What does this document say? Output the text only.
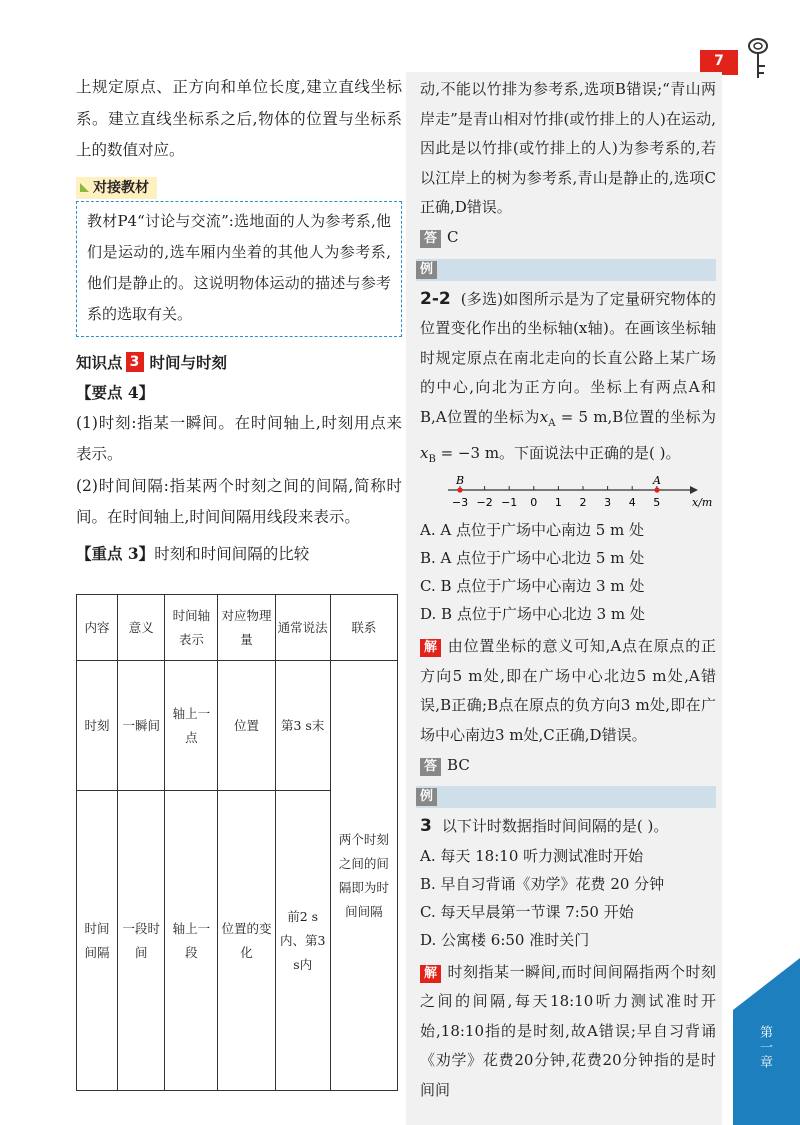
7
第一章

上规定原点、正方向和单位长度,建立直线坐标系。建立直线坐标系之后,物体的位置与坐标系上的数值对应。

对接教材

教材P4“讨论与交流”:选地面的人为参考系,他们是运动的,选车厢内坐着的其他人为参考系,他们是静止的。这说明物体运动的描述与参考系的选取有关。

知识点 3 时间与时刻
【要点 4】

(1)时刻:指某一瞬间。在时间轴上,时刻用点来表示。

(2)时间间隔:指某两个时刻之间的间隔,简称时间。在时间轴上,时间间隔用线段来表示。

【重点 3】时刻和时间间隔的比较
内容	意义	时间轴表示	对应物理量	通常说法	联系
时刻	一瞬间	轴上一点	位置	第3 s末	两个时刻之间的间隔即为时间间隔
时间间隔	一段时间	轴上一段	位置的变化	前2 s内、第3 s内	

动,不能以竹排为参考系,选项B错误;“青山两岸走”是青山相对竹排(或竹排上的人)在运动,因此是以竹排(或竹排上的人)为参考系的,若以江岸上的树为参考系,青山是静止的,选项C正确,D错误。

答 C
例

2-2 (多选)如图所示是为了定量研究物体的位置变化作出的坐标轴(x轴)。在画该坐标轴时规定原点在南北走向的长直公路上某广场的中心,向北为正方向。坐标上有两点A和B,A位置的坐标为$x_A = 5$ m,B位置的坐标为 $x_B = -3$ m。下面说法中正确的是( )。

−3 −2 −1 0 1 2 3 4 5	x/m
B	A
A. A 点位于广场中心南边 5 m 处
B. A 点位于广场中心北边 5 m 处
C. B 点位于广场中心南边 3 m 处
D. B 点位于广场中心北边 3 m 处

解 由位置坐标的意义可知,A点在原点的正方向5 m处,即在广场中心北边5 m处,A错误,B正确;B点在原点的负方向3 m处,即在广场中心南边3 m处,C正确,D错误。

答 BC
例
3 以下计时数据指时间间隔的是( )。
A. 每天 18:10 听力测试准时开始
B. 早自习背诵《劝学》花费 20 分钟
C. 每天早晨第一节课 7:50 开始
D. 公寓楼 6:50 准时关门

解 时刻指某一瞬间,而时间间隔指两个时刻之间的间隔,每天18:10听力测试准时开始,18:10指的是时刻,故A错误;早自习背诵《劝学》花费20分钟,花费20分钟指的是时间间
